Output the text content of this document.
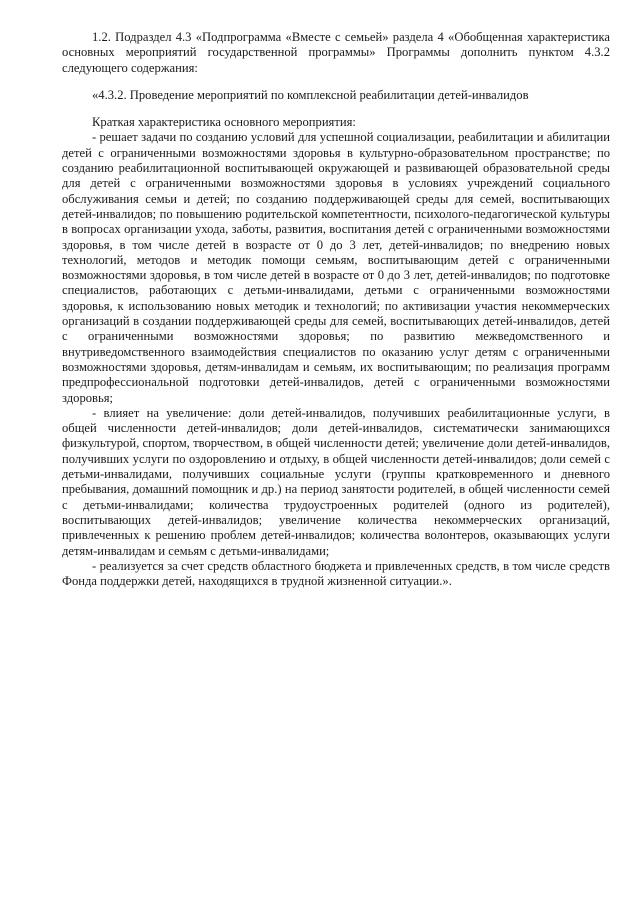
1.2. Подраздел 4.3 «Подпрограмма «Вместе с семьей» раздела 4 «Обобщенная характеристика основных мероприятий государственной программы» Программы дополнить пунктом 4.3.2 следующего содержания:

«4.3.2. Проведение мероприятий по комплексной реабилитации детей-инвалидов

Краткая характеристика основного мероприятия:

- решает задачи по созданию условий для успешной социализации, реабилитации и абилитации детей с ограниченными возможностями здоровья в культурно-образовательном пространстве; по созданию реабилитационной воспитывающей окружающей и развивающей образовательной среды для детей с ограниченными возможностями здоровья в условиях учреждений социального обслуживания семьи и детей; по созданию поддерживающей среды для семей, воспитывающих детей-инвалидов; по повышению родительской компетентности, психолого-педагогической культуры в вопросах организации ухода, заботы, развития, воспитания детей с ограниченными возможностями здоровья, в том числе детей в возрасте от 0 до 3 лет, детей-инвалидов; по внедрению новых технологий, методов и методик помощи семьям, воспитывающим детей с ограниченными возможностями здоровья, в том числе детей в возрасте от 0 до 3 лет, детей-инвалидов; по подготовке специалистов, работающих с детьми-инвалидами, детьми с ограниченными возможностями здоровья, к использованию новых методик и технологий; по активизации участия некоммерческих организаций в создании поддерживающей среды для семей, воспитывающих детей-инвалидов, детей с ограниченными возможностями здоровья; по развитию межведомственного и внутриведомственного взаимодействия специалистов по оказанию услуг детям с ограниченными возможностями здоровья, детям-инвалидам и семьям, их воспитывающим; по реализация программ предпрофессиональной подготовки детей-инвалидов, детей с ограниченными возможностями здоровья;

- влияет на увеличение: доли детей-инвалидов, получивших реабилитационные услуги, в общей численности детей-инвалидов; доли детей-инвалидов, систематически занимающихся физкультурой, спортом, творчеством, в общей численности детей; увеличение доли детей-инвалидов, получивших услуги по оздоровлению и отдыху, в общей численности детей-инвалидов; доли семей с детьми-инвалидами, получивших социальные услуги (группы кратковременного и дневного пребывания, домашний помощник и др.) на период занятости родителей, в общей численности семей с детьми-инвалидами; количества трудоустроенных родителей (одного из родителей), воспитывающих детей-инвалидов; увеличение количества некоммерческих организаций, привлеченных к решению проблем детей-инвалидов; количества волонтеров, оказывающих услуги детям-инвалидам и семьям с детьми-инвалидами;

- реализуется за счет средств областного бюджета и привлеченных средств, в том числе средств Фонда поддержки детей, находящихся в трудной жизненной ситуации.».
